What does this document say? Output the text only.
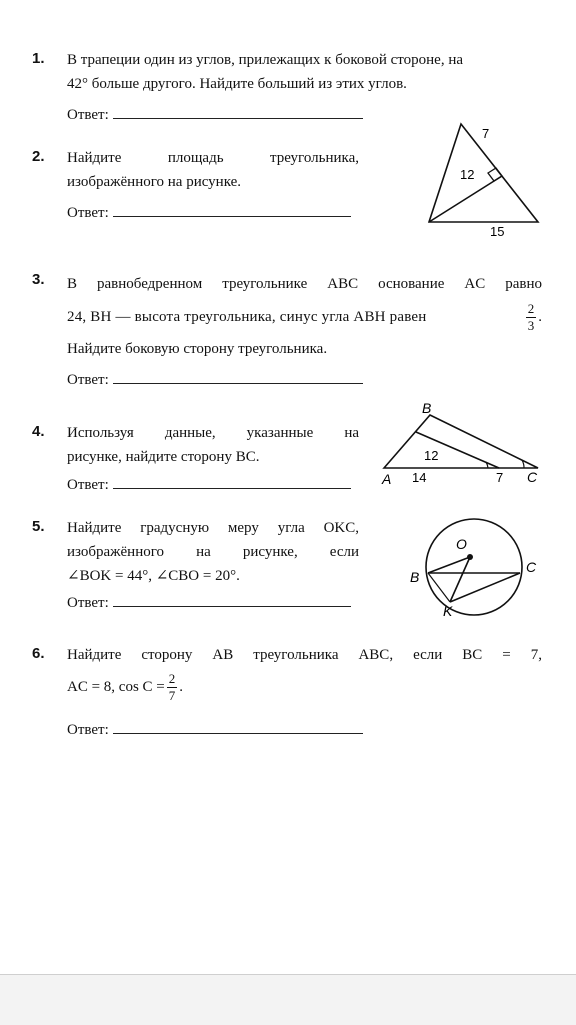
1. В трапеции один из углов, прилежащих к боковой стороне, на
42° больше другого. Найдите больший из этих углов.
Ответ:
2. Найдите площадь треугольника,
изображённого на рисунке.
Ответ:
7
12
15
3. В равнобедренном треугольнике ABC основание AC равно
24, BH — высота треугольника, синус угла ABH равен	$\frac{2}{3}$ .
Найдите боковую сторону треугольника.
Ответ:
4. Используя данные, указанные на
рисунке, найдите сторону BC.
Ответ:
B
12
A 14	7 C
5. Найдите градусную меру угла OKC,
изображённого на рисунке, если
∠BOK = 44°, ∠CBO = 20°.
Ответ:
O
C
B
K
6. Найдите сторону AB треугольника ABC, если BC = 7,
AC = 8, $\cos C = \frac{2}{7}$ .
Ответ:
